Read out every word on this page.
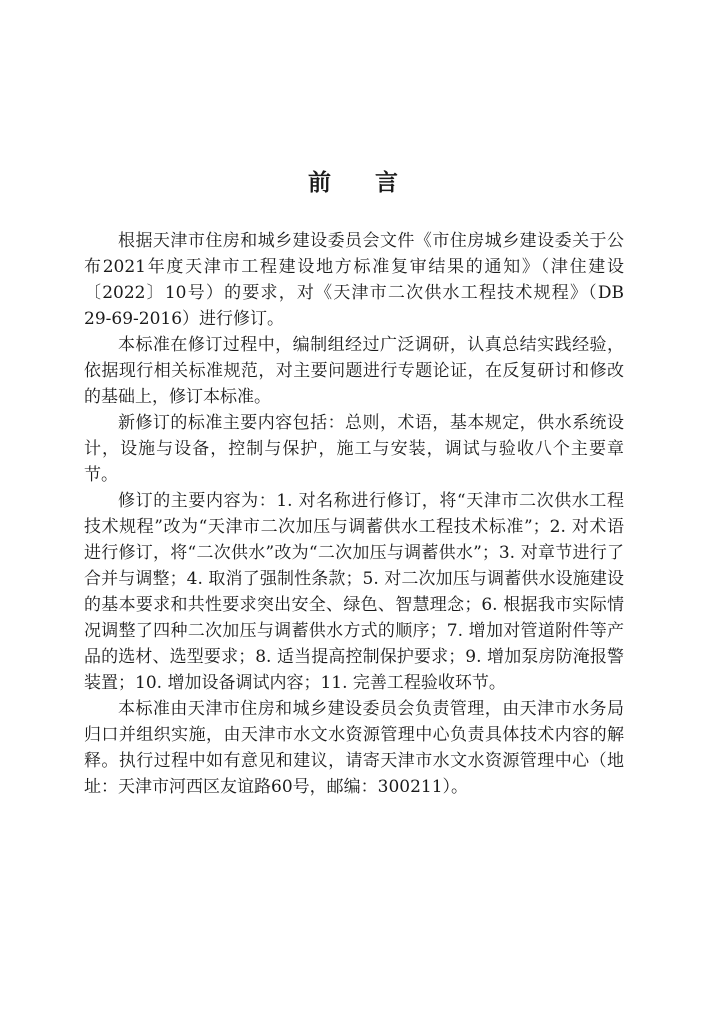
前 言

根据天津市住房和城乡建设委员会文件《市住房城乡建设委关于公布2021年度天津市工程建设地方标准复审结果的通知》（津住建设〔2022〕10号）的要求，对《天津市二次供水工程技术规程》（DB 29-69-2016）进行修订。

本标准在修订过程中，编制组经过广泛调研，认真总结实践经验，依据现行相关标准规范，对主要问题进行专题论证，在反复研讨和修改的基础上，修订本标准。

新修订的标准主要内容包括：总则，术语，基本规定，供水系统设计，设施与设备，控制与保护，施工与安装，调试与验收八个主要章节。

修订的主要内容为：1. 对名称进行修订，将“天津市二次供水工程技术规程”改为“天津市二次加压与调蓄供水工程技术标准”；2. 对术语进行修订，将“二次供水”改为“二次加压与调蓄供水”；3. 对章节进行了合并与调整；4. 取消了强制性条款；5. 对二次加压与调蓄供水设施建设的基本要求和共性要求突出安全、绿色、智慧理念；6. 根据我市实际情况调整了四种二次加压与调蓄供水方式的顺序；7. 增加对管道附件等产品的选材、选型要求；8. 适当提高控制保护要求；9. 增加泵房防淹报警装置；10. 增加设备调试内容；11. 完善工程验收环节。

本标准由天津市住房和城乡建设委员会负责管理，由天津市水务局归口并组织实施，由天津市水文水资源管理中心负责具体技术内容的解释。执行过程中如有意见和建议，请寄天津市水文水资源管理中心（地址：天津市河西区友谊路60号，邮编：300211）。
